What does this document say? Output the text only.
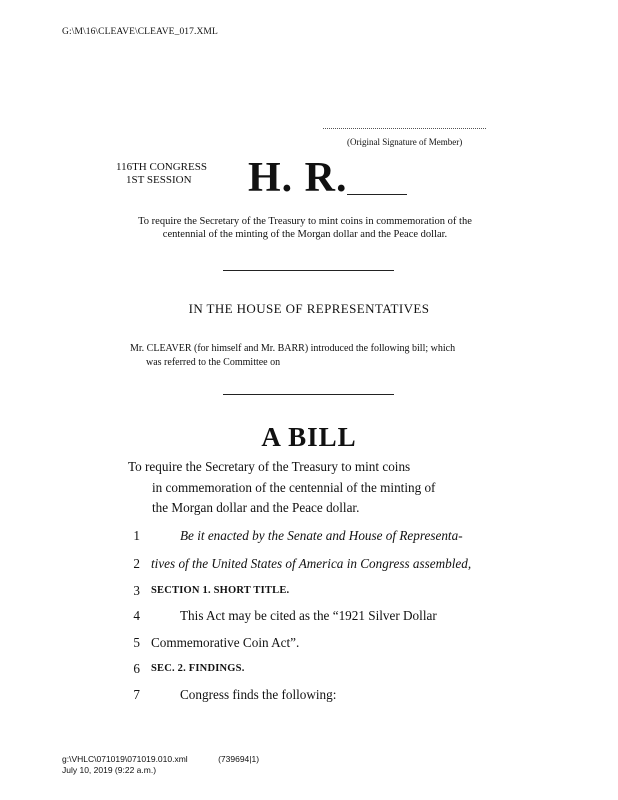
G:\M\16\CLEAVE\CLEAVE_017.XML
(Original Signature of Member)
116TH CONGRESS
1ST SESSION	H. R.
To require the Secretary of the Treasury to mint coins in commemoration of the centennial of the minting of the Morgan dollar and the Peace dollar.
IN THE HOUSE OF REPRESENTATIVES
Mr. CLEAVER (for himself and Mr. BARR) introduced the following bill; which
was referred to the Committee on
A BILL
To require the Secretary of the Treasury to mint coins
in commemoration of the centennial of the minting of
the Morgan dollar and the Peace dollar.
1	Be it enacted by the Senate and House of Representa-
2 tives of the United States of America in Congress assembled,
3 SECTION 1. SHORT TITLE.
4	This Act may be cited as the “1921 Silver Dollar
5 Commemorative Coin Act”.
6 SEC. 2. FINDINGS.
7	Congress finds the following:
g:\VHLC\071019\071019.010.xml	(739694|1)
July 10, 2019 (9:22 a.m.)
